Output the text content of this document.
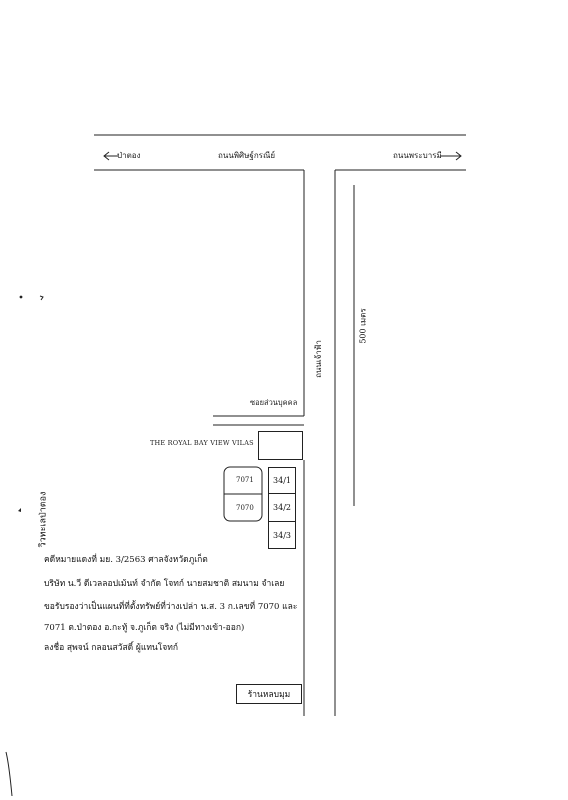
ป่าตอง	ถนนพิศิษฐ์กรณีย์	ถนนพระบารมี
ถนนเจ้าฟ้า
500 เมตร
ซอยส่วนบุคคล
วิวทะเลป่าตอง
THE ROYAL BAY VIEW VILAS
7071
7070
34/1
34/2
34/3
คดีหมายแดงที่ มย. 3/2563 ศาลจังหวัดภูเก็ต
บริษัท น.วี ดีเวลลอปเม้นท์ จำกัด โจทก์ นายสมชาติ สมนาม จำเลย
ขอรับรองว่าเป็นแผนที่ที่ตั้งทรัพย์ที่ว่างเปล่า น.ส. 3 ก.เลขที่ 7070 และ
7071 ต.ป่าตอง อ.กะทู้ จ.ภูเก็ต จริง (ไม่มีทางเข้า-ออก)
ลงชื่อ สุพจน์ กลอนสวัสดิ์ ผู้แทนโจทก์
ร้านหลบมุม
